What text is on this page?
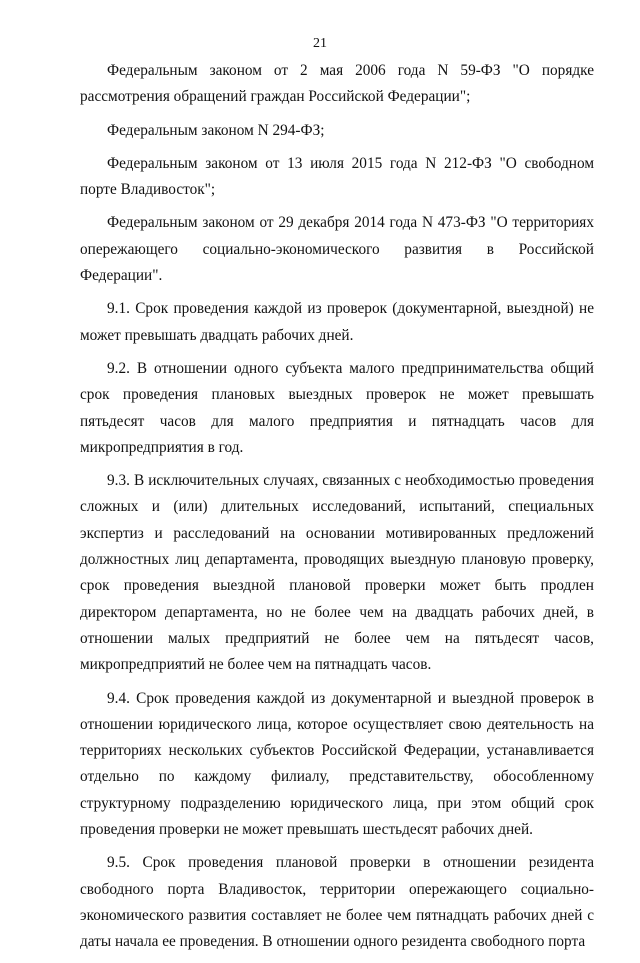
21

Федеральным законом от 2 мая 2006 года N 59-ФЗ "О порядке рассмотрения обращений граждан Российской Федерации";

Федеральным законом N 294-ФЗ;

Федеральным законом от 13 июля 2015 года N 212-ФЗ "О свободном порте Владивосток";

Федеральным законом от 29 декабря 2014 года N 473-ФЗ "О территориях опережающего социально-экономического развития в Российской Федерации".

9.1. Срок проведения каждой из проверок (документарной, выездной) не может превышать двадцать рабочих дней.

9.2. В отношении одного субъекта малого предпринимательства общий срок проведения плановых выездных проверок не может превышать пятьдесят часов для малого предприятия и пятнадцать часов для микропредприятия в год.

9.3. В исключительных случаях, связанных с необходимостью проведения сложных и (или) длительных исследований, испытаний, специальных экспертиз и расследований на основании мотивированных предложений должностных лиц департамента, проводящих выездную плановую проверку, срок проведения выездной плановой проверки может быть продлен директором департамента, но не более чем на двадцать рабочих дней, в отношении малых предприятий не более чем на пятьдесят часов, микропредприятий не более чем на пятнадцать часов.

9.4. Срок проведения каждой из документарной и выездной проверок в отношении юридического лица, которое осуществляет свою деятельность на территориях нескольких субъектов Российской Федерации, устанавливается отдельно по каждому филиалу, представительству, обособленному структурному подразделению юридического лица, при этом общий срок проведения проверки не может превышать шестьдесят рабочих дней.

9.5. Срок проведения плановой проверки в отношении резидента свободного порта Владивосток, территории опережающего социально-экономического развития составляет не более чем пятнадцать рабочих дней с даты начала ее проведения. В отношении одного резидента свободного порта
